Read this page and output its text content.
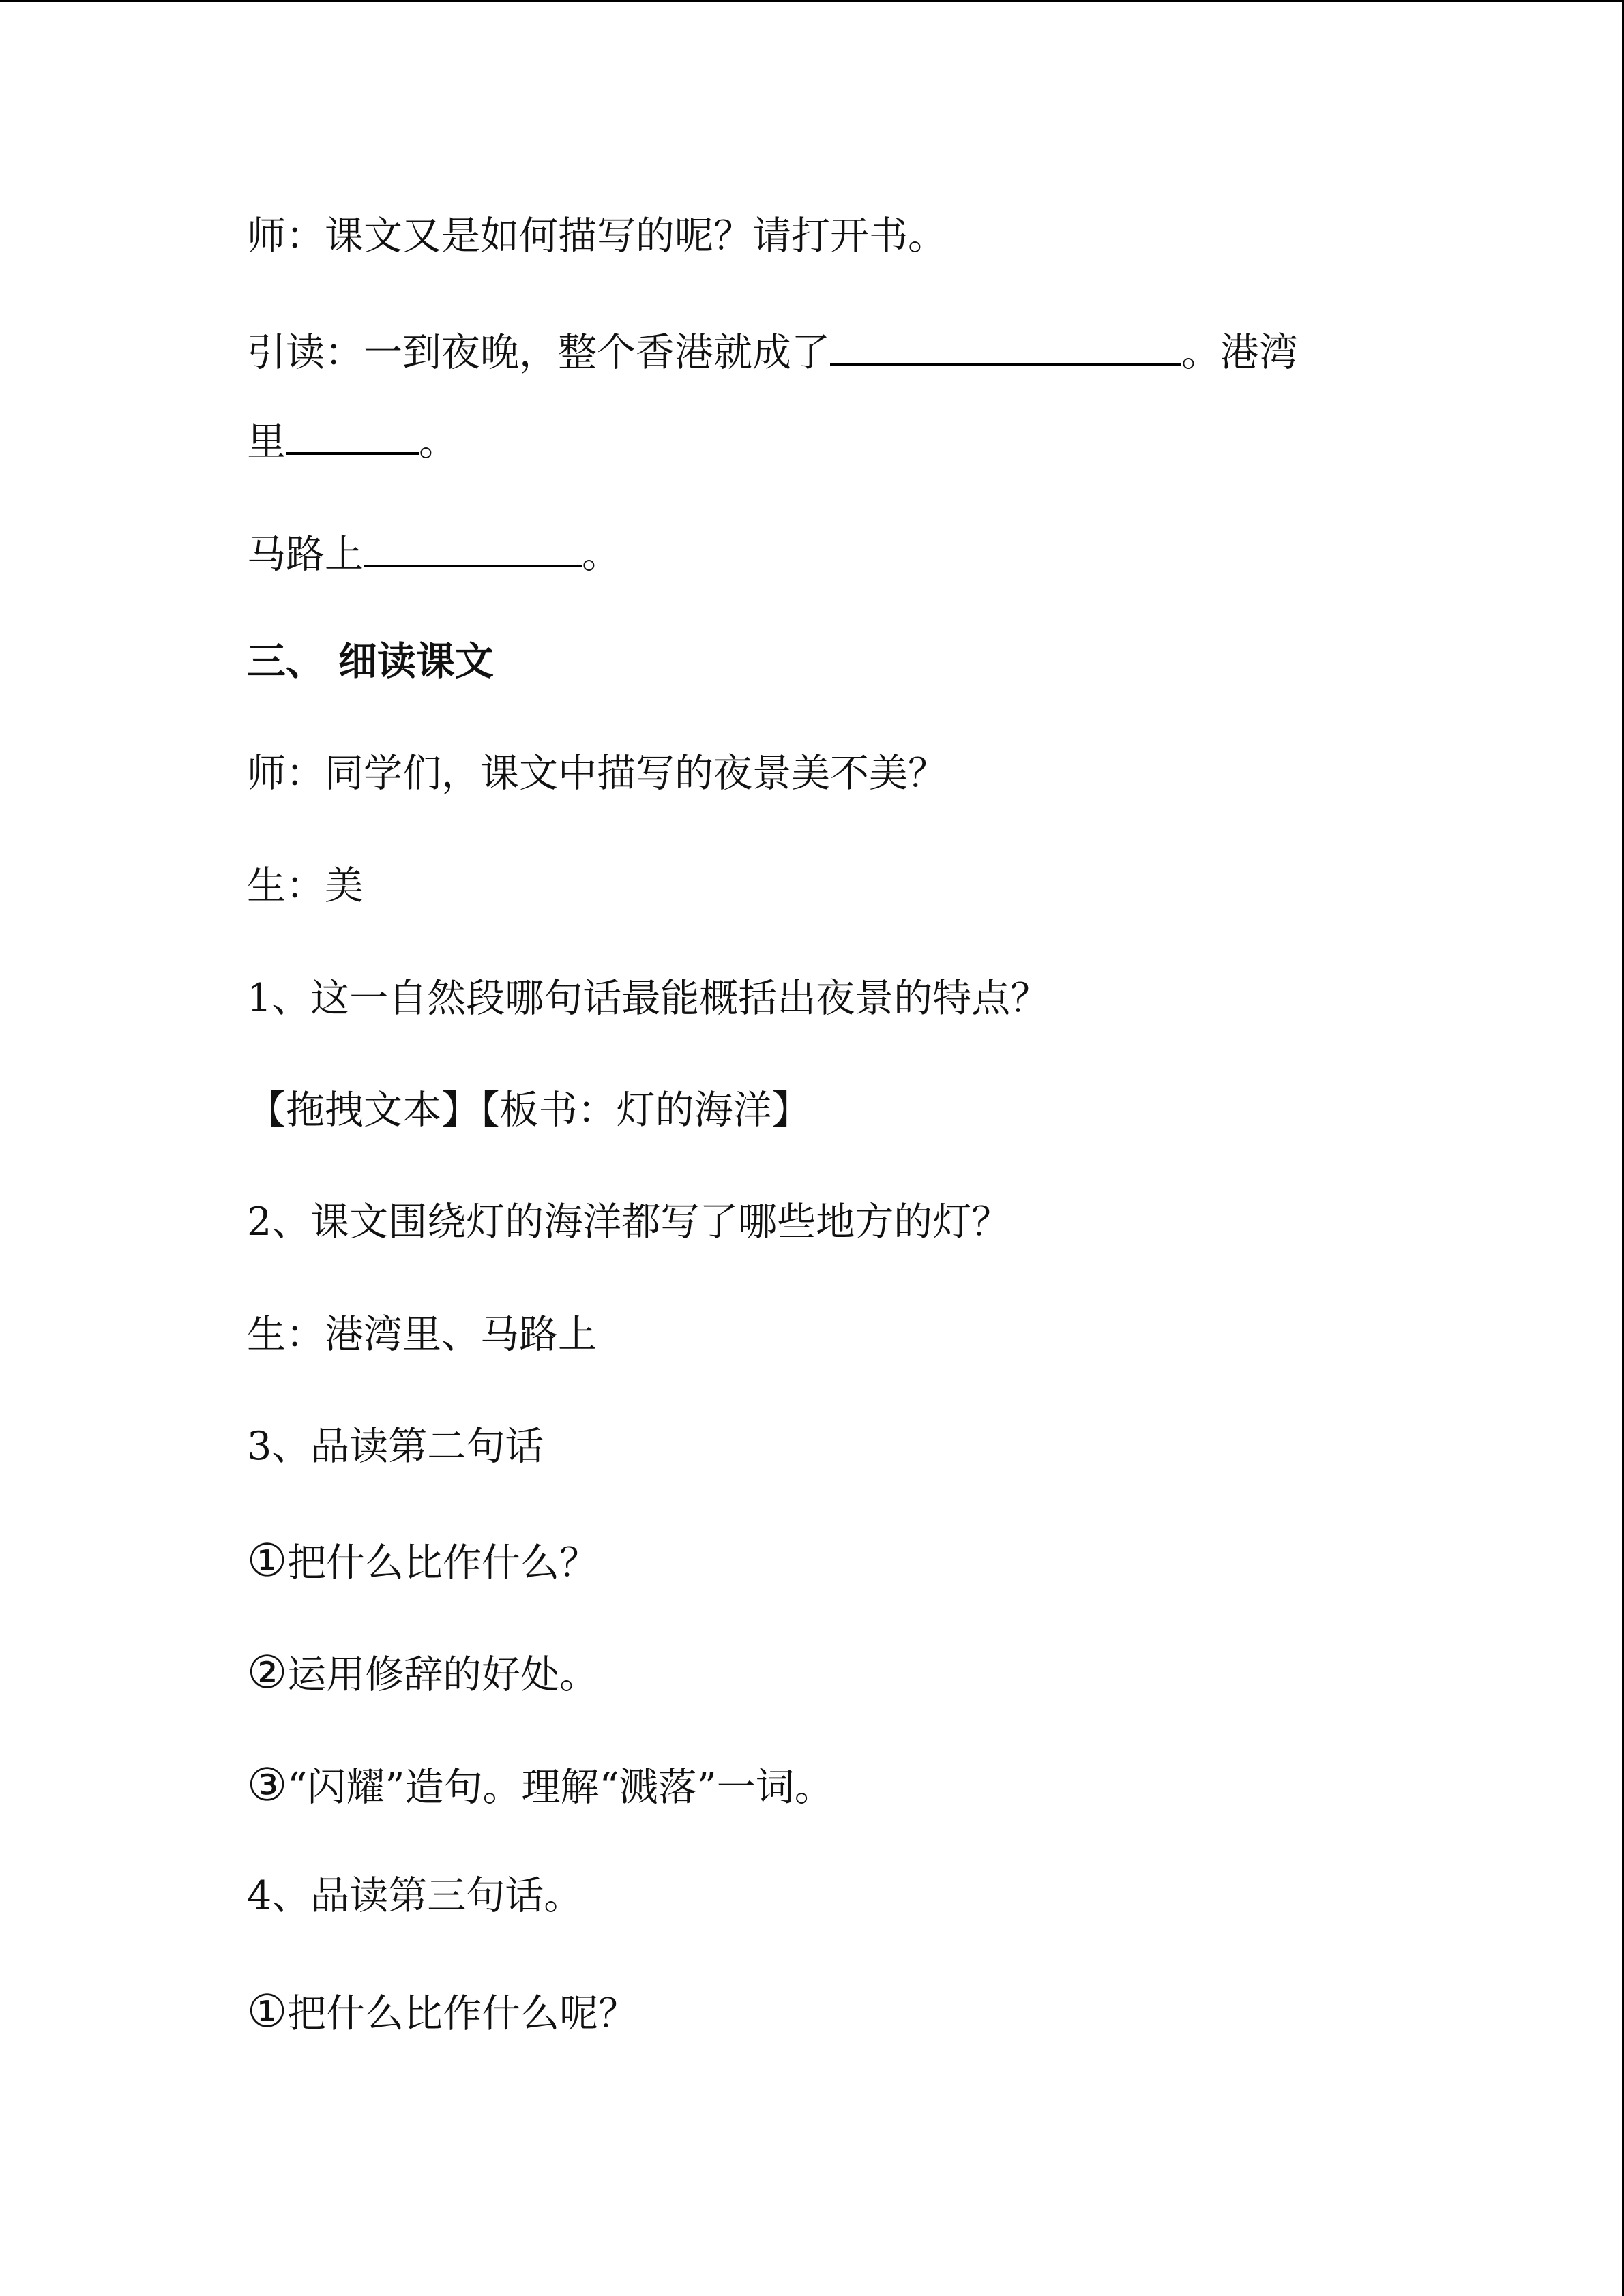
师：课文又是如何描写的呢？请打开书。
引读：一到夜晚，整个香港就成了	。港湾
里	。
马路上	。
三、 细读课文
师：同学们，课文中描写的夜景美不美？
生：美
1、这一自然段哪句话最能概括出夜景的特点？
【拖拽文本】【板书：灯的海洋】
2、课文围绕灯的海洋都写了哪些地方的灯？
生：港湾里、马路上
3、品读第二句话
①把什么比作什么？
②运用修辞的好处。
③“闪耀”造句。理解“溅落”一词。
4、品读第三句话。
①把什么比作什么呢？
